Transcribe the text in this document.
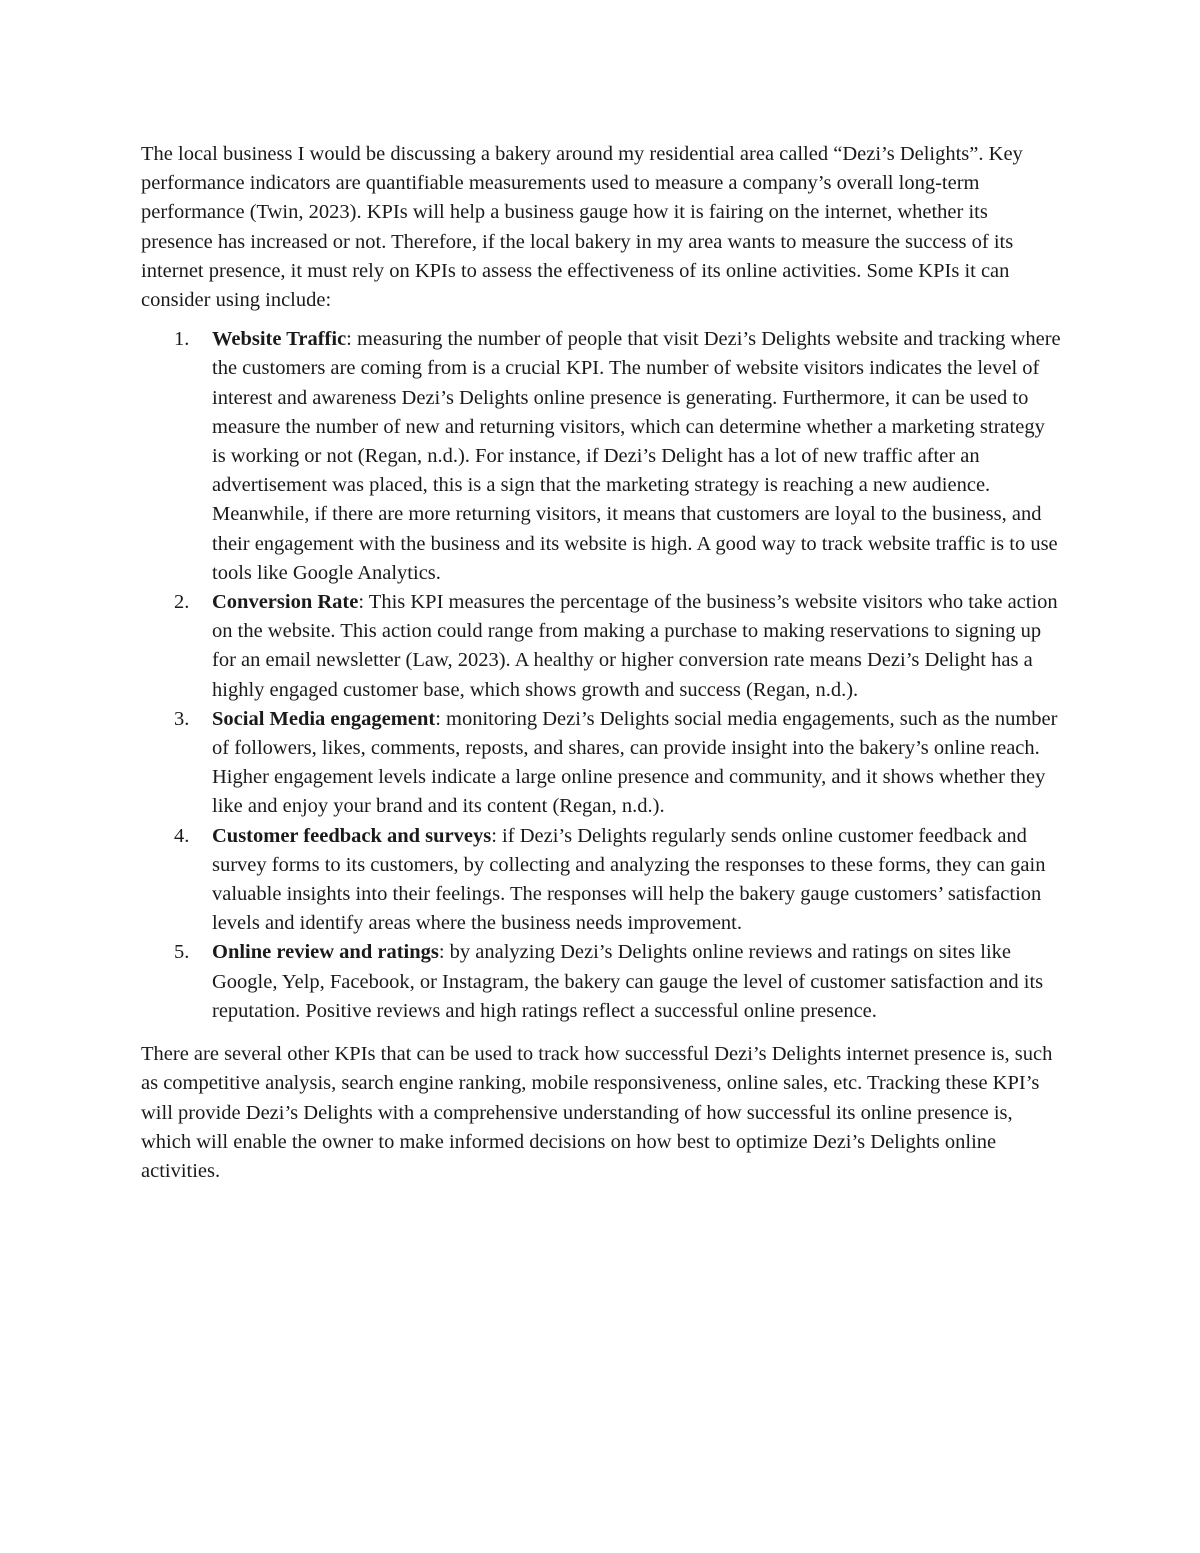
The local business I would be discussing a bakery around my residential area called “Dezi’s Delights”. Key performance indicators are quantifiable measurements used to measure a company’s overall long-term performance (Twin, 2023). KPIs will help a business gauge how it is fairing on the internet, whether its presence has increased or not. Therefore, if the local bakery in my area wants to measure the success of its internet presence, it must rely on KPIs to assess the effectiveness of its online activities. Some KPIs it can consider using include:

1. Website Traffic: measuring the number of people that visit Dezi’s Delights website and tracking where the customers are coming from is a crucial KPI. The number of website visitors indicates the level of interest and awareness Dezi’s Delights online presence is generating. Furthermore, it can be used to measure the number of new and returning visitors, which can determine whether a marketing strategy is working or not (Regan, n.d.). For instance, if Dezi’s Delight has a lot of new traffic after an advertisement was placed, this is a sign that the marketing strategy is reaching a new audience. Meanwhile, if there are more returning visitors, it means that customers are loyal to the business, and their engagement with the business and its website is high. A good way to track website traffic is to use tools like Google Analytics.
2. Conversion Rate: This KPI measures the percentage of the business’s website visitors who take action on the website. This action could range from making a purchase to making reservations to signing up for an email newsletter (Law, 2023). A healthy or higher conversion rate means Dezi’s Delight has a highly engaged customer base, which shows growth and success (Regan, n.d.).
3. Social Media engagement: monitoring Dezi’s Delights social media engagements, such as the number of followers, likes, comments, reposts, and shares, can provide insight into the bakery’s online reach. Higher engagement levels indicate a large online presence and community, and it shows whether they like and enjoy your brand and its content (Regan, n.d.).
4. Customer feedback and surveys: if Dezi’s Delights regularly sends online customer feedback and survey forms to its customers, by collecting and analyzing the responses to these forms, they can gain valuable insights into their feelings. The responses will help the bakery gauge customers’ satisfaction levels and identify areas where the business needs improvement.
5. Online review and ratings: by analyzing Dezi’s Delights online reviews and ratings on sites like Google, Yelp, Facebook, or Instagram, the bakery can gauge the level of customer satisfaction and its reputation. Positive reviews and high ratings reflect a successful online presence.

There are several other KPIs that can be used to track how successful Dezi’s Delights internet presence is, such as competitive analysis, search engine ranking, mobile responsiveness, online sales, etc. Tracking these KPI’s will provide Dezi’s Delights with a comprehensive understanding of how successful its online presence is, which will enable the owner to make informed decisions on how best to optimize Dezi’s Delights online activities.
